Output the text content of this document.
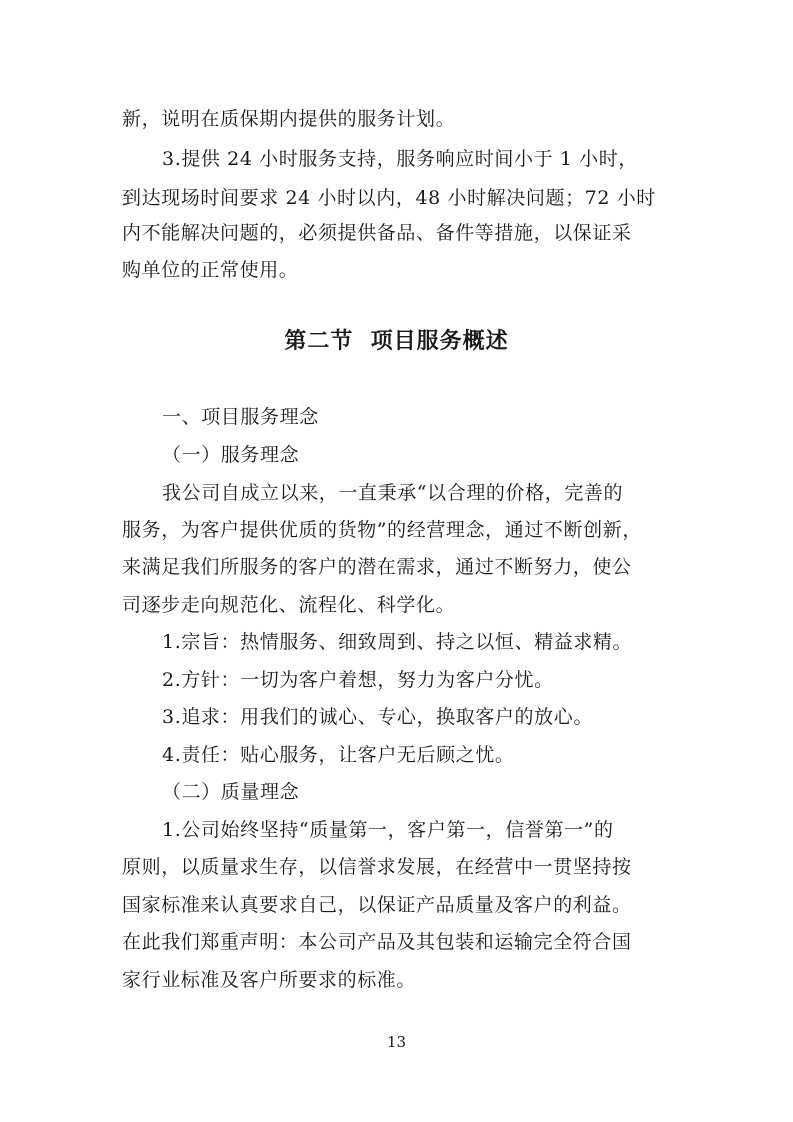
新，说明在质保期内提供的服务计划。
3.提供 24 小时服务支持，服务响应时间小于 1 小时，
到达现场时间要求 24 小时以内，48 小时解决问题；72 小时
内不能解决问题的，必须提供备品、备件等措施，以保证采
购单位的正常使用。
第二节 项目服务概述
一、项目服务理念
（一）服务理念
我公司自成立以来，一直秉承“以合理的价格，完善的
服务，为客户提供优质的货物”的经营理念，通过不断创新，
来满足我们所服务的客户的潜在需求，通过不断努力，使公
司逐步走向规范化、流程化、科学化。
1.宗旨：热情服务、细致周到、持之以恒、精益求精。
2.方针：一切为客户着想，努力为客户分忧。
3.追求：用我们的诚心、专心，换取客户的放心。
4.责任：贴心服务，让客户无后顾之忧。
（二）质量理念
1.公司始终坚持“质量第一，客户第一，信誉第一”的
原则，以质量求生存，以信誉求发展，在经营中一贯坚持按
国家标准来认真要求自己，以保证产品质量及客户的利益。
在此我们郑重声明：本公司产品及其包装和运输完全符合国
家行业标准及客户所要求的标准。
13
